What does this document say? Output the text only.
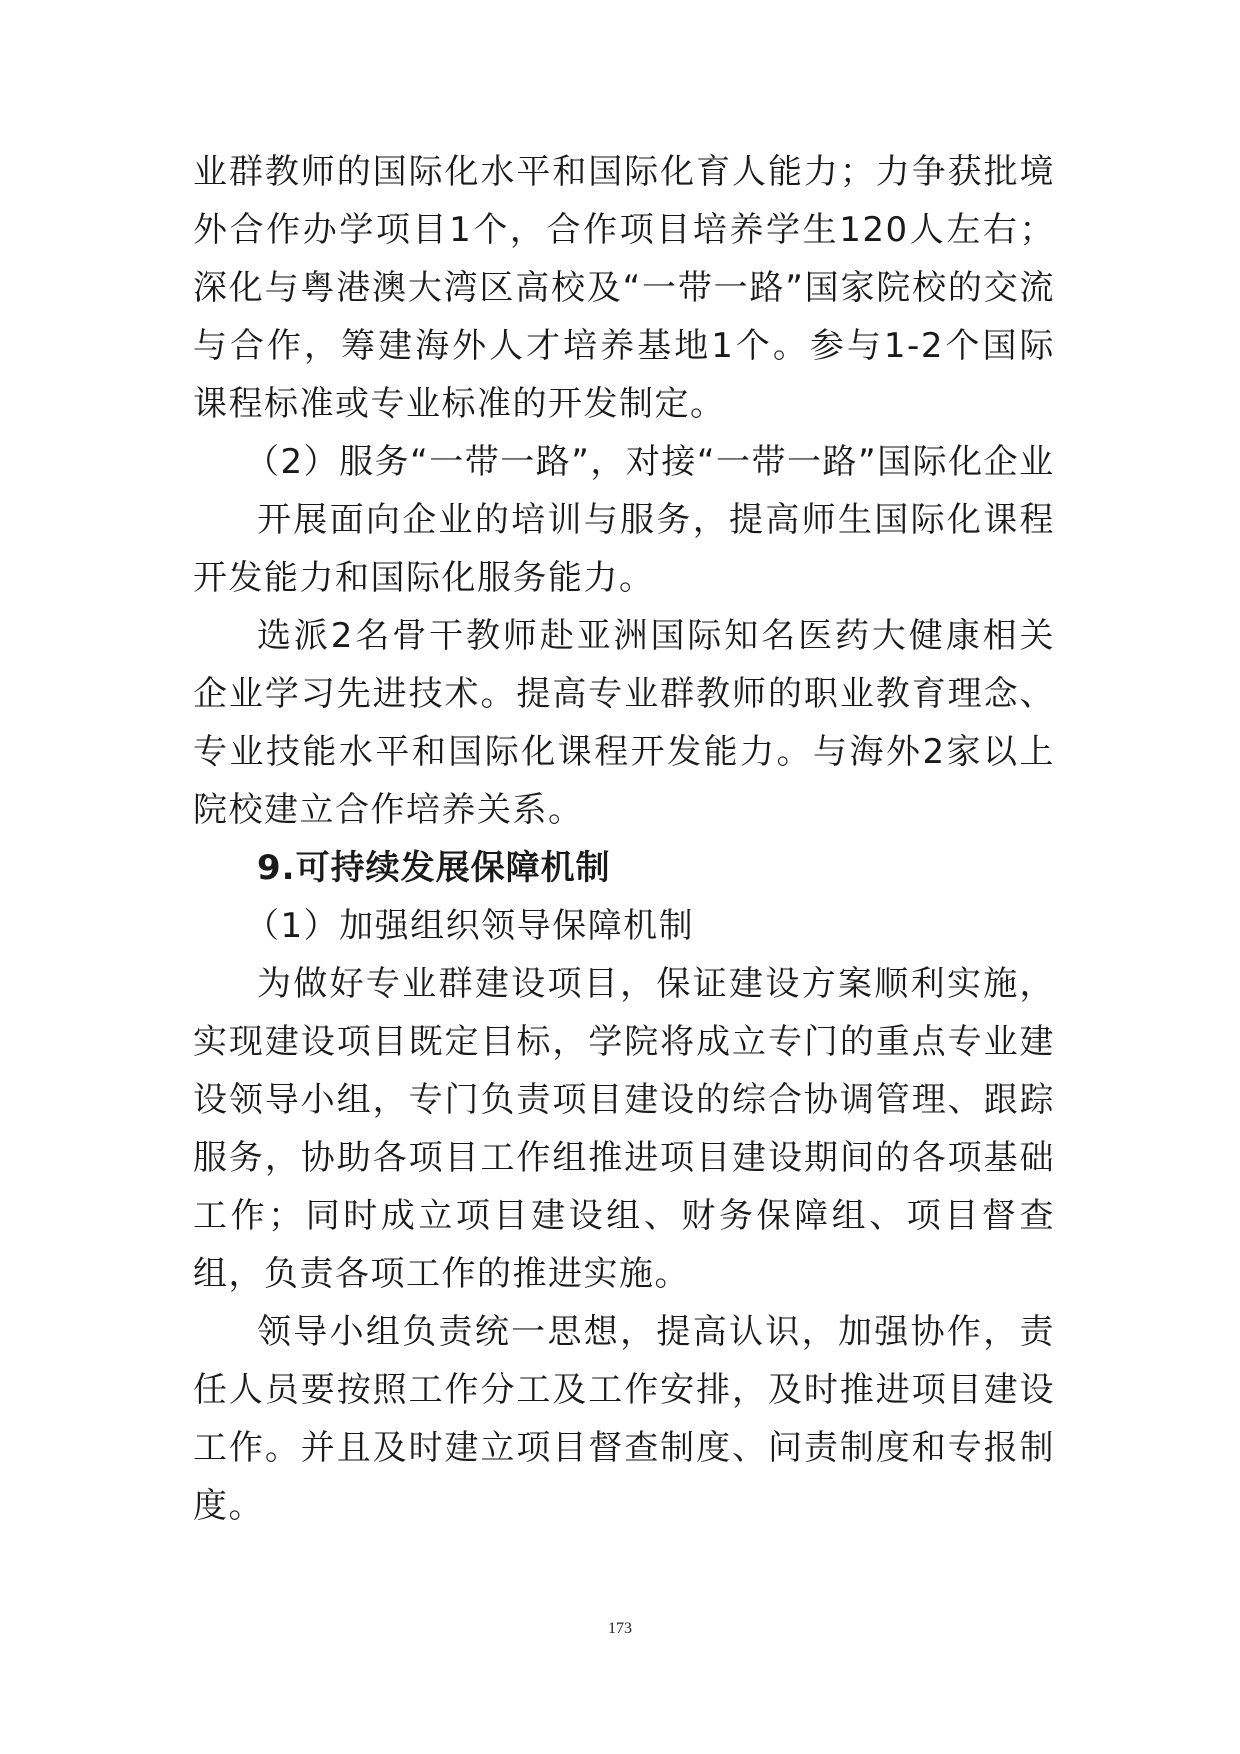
业群教师的国际化水平和国际化育人能力；力争获批境外合作办学项目1个，合作项目培养学生120人左右；深化与粤港澳大湾区高校及“一带一路”国家院校的交流与合作，筹建海外人才培养基地1个。参与1-2个国际课程标准或专业标准的开发制定。

（2）服务“一带一路”，对接“一带一路”国际化企业

开展面向企业的培训与服务，提高师生国际化课程开发能力和国际化服务能力。

选派2名骨干教师赴亚洲国际知名医药大健康相关企业学习先进技术。提高专业群教师的职业教育理念、专业技能水平和国际化课程开发能力。与海外2家以上院校建立合作培养关系。

9.可持续发展保障机制

（1）加强组织领导保障机制

为做好专业群建设项目，保证建设方案顺利实施，实现建设项目既定目标，学院将成立专门的重点专业建设领导小组，专门负责项目建设的综合协调管理、跟踪服务，协助各项目工作组推进项目建设期间的各项基础工作；同时成立项目建设组、财务保障组、项目督查组，负责各项工作的推进实施。

领导小组负责统一思想，提高认识，加强协作，责任人员要按照工作分工及工作安排，及时推进项目建设工作。并且及时建立项目督查制度、问责制度和专报制度。

173
